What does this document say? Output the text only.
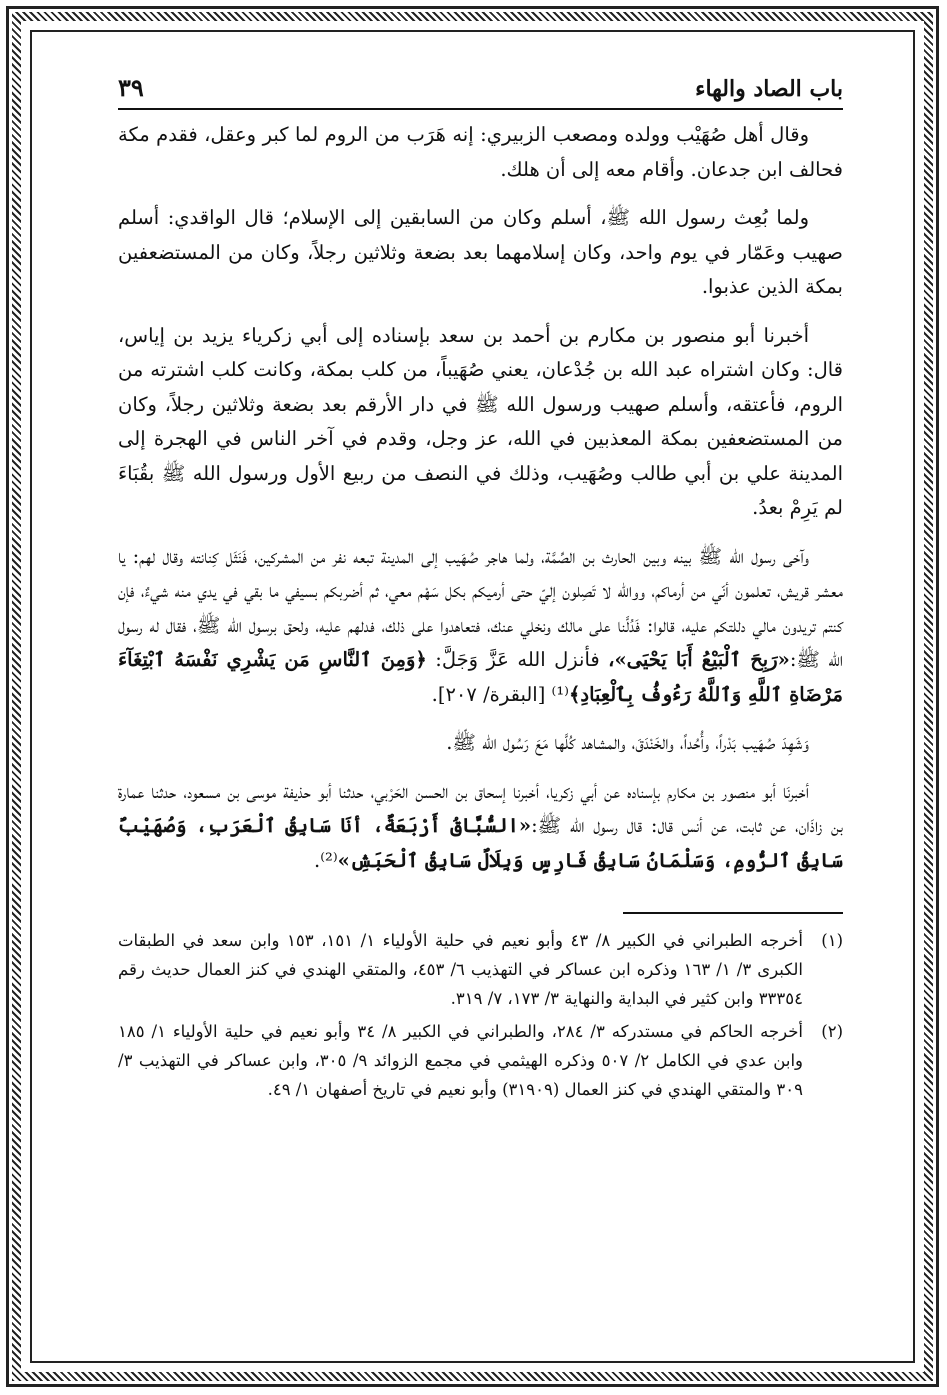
باب الصاد والهاء
٣٩

وقال أهل صُهَيْب وولده ومصعب الزبيري: إنه هَرَب من الروم لما كبر وعقل، فقدم مكة فحالف ابن جدعان. وأقام معه إلى أن هلك.

ولما بُعِث رسول الله ﷺ، أسلم وكان من السابقين إلى الإسلام؛ قال الواقدي: أسلم صهيب وعَمّار في يوم واحد، وكان إسلامهما بعد بضعة وثلاثين رجلاً، وكان من المستضعفين بمكة الذين عذبوا.

أخبرنا أبو منصور بن مكارم بن أحمد بن سعد بإسناده إلى أبي زكرياء يزيد بن إياس، قال: وكان اشتراه عبد الله بن جُدْعان، يعني صُهَيباً، من كلب بمكة، وكانت كلب اشترته من الروم، فأعتقه، وأسلم صهيب ورسول الله ﷺ في دار الأرقم بعد بضعة وثلاثين رجلاً، وكان من المستضعفين بمكة المعذبين في الله، عز وجل، وقدم في آخر الناس في الهجرة إلى المدينة علي بن أبي طالب وصُهَيب، وذلك في النصف من ربيع الأول ورسول الله ﷺ بقُبَاءَ لم يَرِمْ بعدُ.

وآخى رسول الله ﷺ بينه وبين الحارث بن الصِّمَّة، ولما هاجر صُهَيب إلى المدينة تبعه نفر من المشركين، فَنَثَل كِنانته وقال لهم: يا معشر قريش، تعلمون أنّي من أرماكم، ووالله لا تَصِلون إليّ حتى أرميكم بكل سَهْم معي، ثم أضربكم بسيفي ما بقي في يدي منه شيءٌ، فإن كنتم تريدون مالي دللتكم عليه، قالوا: فَدُلَّنا على مالك ونخلي عنك، فتعاهدوا على ذلك، فدلهم عليه، ولحق برسول الله ﷺ، فقال له رسول الله ﷺ:«رَبِحَ ٱلْبَيْعُ أَبَا يَحْيَى»، فأنزل الله عَزَّ وَجَلَّ: ﴿وَمِنَ ٱلنَّاسِ مَن يَشْرِي نَفْسَهُ ٱبْتِغَآءَ مَرْضَاةِ ٱللَّهِ وَٱللَّهُ رَءُوفُۢ بِٱلْعِبَادِ﴾⁽¹⁾ [البقرة/ ٢٠٧].

وَشَهِدَ صُهَيب بَدْراً، وأُحُداً، والخَنْدَقَ، والمشاهد كُلَّها مَعَ رَسُول الله ﷺ.

أخبرنَا أبو منصور بن مكارم بإسناده عن أبي زكريا، أخبرنا إسحاق بن الحسن الحَرْبي، حدثنا أبو حذيفة موسى بن مسعود، حدثنا عمارة بن زاذَان، عن ثابت، عن أنس قال: قال رسول الله ﷺ:«السُّبَّاقُ أَرْبَعَةٌ، أنَا سَابِقُ ٱلْعَرَبِ، وَصُهَيْبٌ سَابِقُ ٱلرُّومِ، وَسَلْمَانُ سَابِقُ فَارِسٍ وَبِلَالٌ سَابِقُ ٱلْحَبَشِ»⁽²⁾.

(١)
أخرجه الطبراني في الكبير ٨/ ٤٣ وأبو نعيم في حلية الأولياء ١/ ١٥١، ١٥٣ وابن سعد في الطبقات الكبرى ٣/ ١/ ١٦٣ وذكره ابن عساكر في التهذيب ٦/ ٤٥٣، والمتقي الهندي في كنز العمال حديث رقم ٣٣٣٥٤ وابن كثير في البداية والنهاية ٣/ ١٧٣، ٧/ ٣١٩.
(٢)
أخرجه الحاكم في مستدركه ٣/ ٢٨٤، والطبراني في الكبير ٨/ ٣٤ وأبو نعيم في حلية الأولياء ١/ ١٨٥ وابن عدي في الكامل ٢/ ٥٠٧ وذكره الهيثمي في مجمع الزوائد ٩/ ٣٠٥، وابن عساكر في التهذيب ٣/ ٣٠٩ والمتقي الهندي في كنز العمال (٣١٩٠٩) وأبو نعيم في تاريخ أصفهان ١/ ٤٩.
